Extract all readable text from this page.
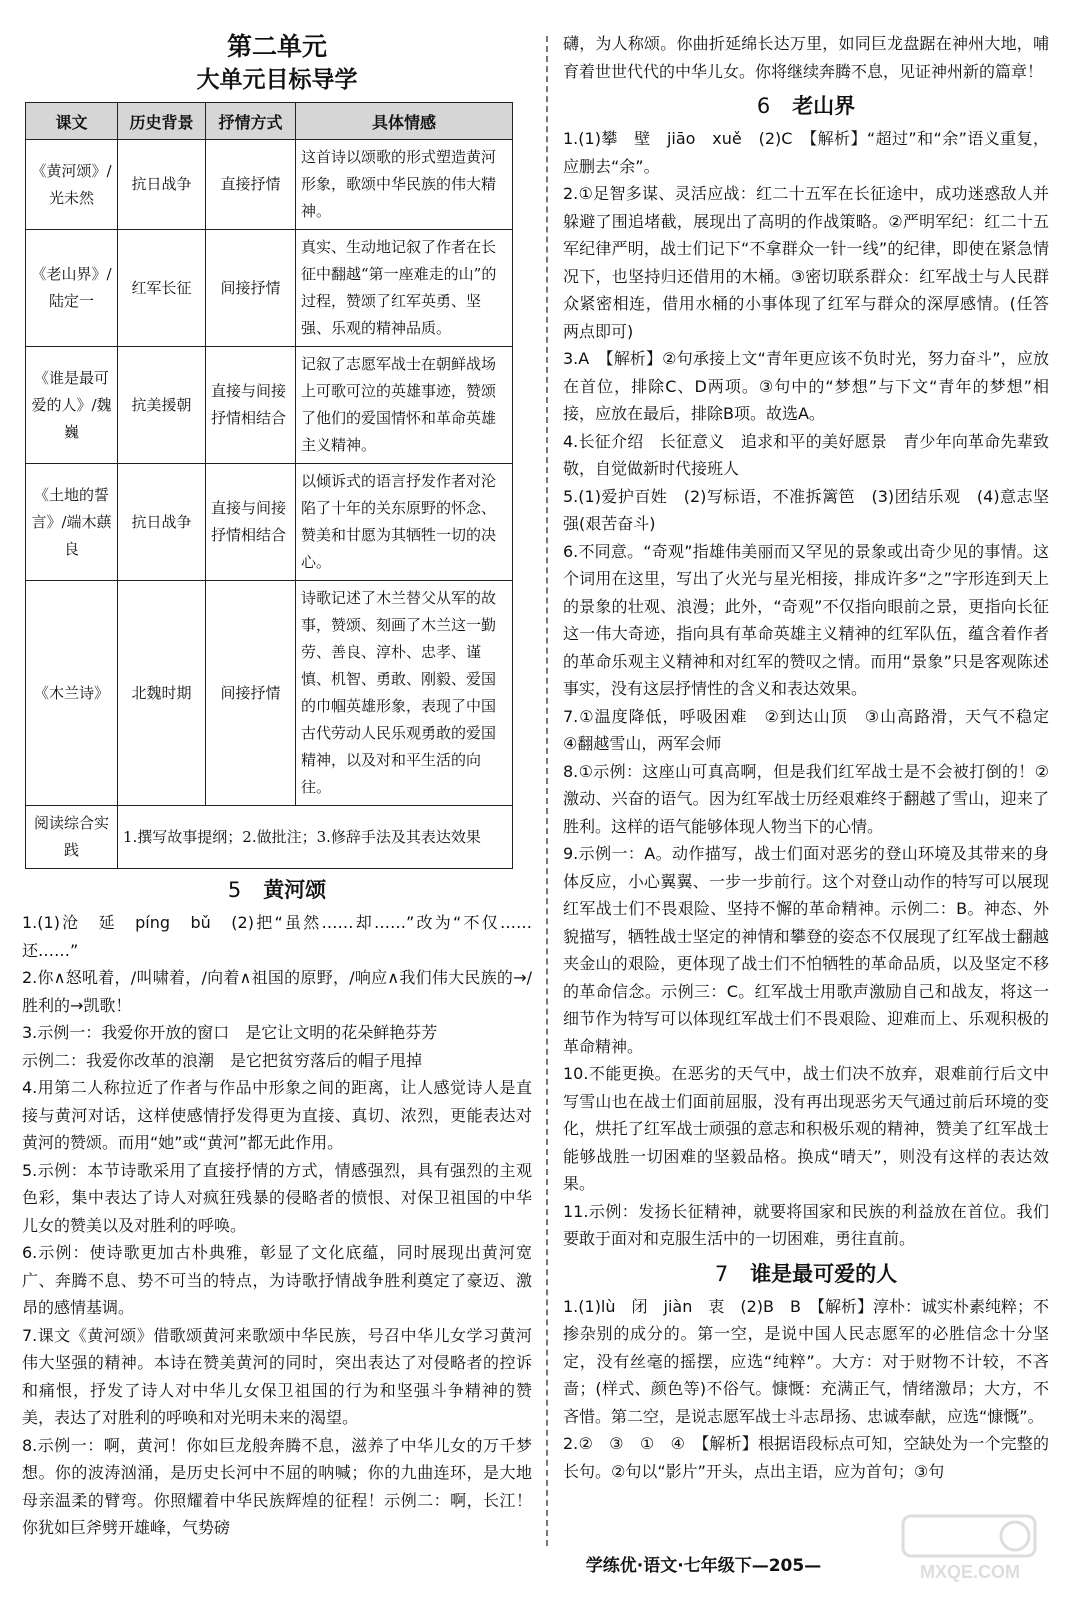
第二单元
大单元目标导学
课文	历史背景	抒情方式	具体情感
《黄河颂》/光未然	抗日战争	直接抒情	这首诗以颂歌的形式塑造黄河形象，歌颂中华民族的伟大精神。
《老山界》/陆定一	红军长征	间接抒情	真实、生动地记叙了作者在长征中翻越“第一座难走的山”的过程，赞颂了红军英勇、坚强、乐观的精神品质。
《谁是最可爱的人》/魏巍	抗美援朝	直接与间接抒情相结合	记叙了志愿军战士在朝鲜战场上可歌可泣的英雄事迹，赞颂了他们的爱国情怀和革命英雄主义精神。
《土地的誓言》/端木蕻良	抗日战争	直接与间接抒情相结合	以倾诉式的语言抒发作者对沦陷了十年的关东原野的怀念、赞美和甘愿为其牺牲一切的决心。
《木兰诗》	北魏时期	间接抒情	诗歌记述了木兰替父从军的故事，赞颂、刻画了木兰这一勤劳、善良、淳朴、忠孝、谨慎、机智、勇敢、刚毅、爱国的巾帼英雄形象，表现了中国古代劳动人民乐观勇敢的爱国精神，以及对和平生活的向往。
阅读综合实践	1.撰写故事提纲；2.做批注；3.修辞手法及其表达效果		
5 黄河颂

1.(1)沧　延　píng　bǔ　(2)把“虽然……却……”改为“不仅……还……”

2.你∧怒吼着，/叫啸着，/向着∧祖国的原野，/响应∧我们伟大民族的→/胜利的→凯歌！

3.示例一：我爱你开放的窗口　是它让文明的花朵鲜艳芬芳

示例二：我爱你改革的浪潮　是它把贫穷落后的帽子甩掉

4.用第二人称拉近了作者与作品中形象之间的距离，让人感觉诗人是直接与黄河对话，这样使感情抒发得更为直接、真切、浓烈，更能表达对黄河的赞颂。而用“她”或“黄河”都无此作用。

5.示例：本节诗歌采用了直接抒情的方式，情感强烈，具有强烈的主观色彩，集中表达了诗人对疯狂残暴的侵略者的愤恨、对保卫祖国的中华儿女的赞美以及对胜利的呼唤。

6.示例：使诗歌更加古朴典雅，彰显了文化底蕴，同时展现出黄河宽广、奔腾不息、势不可当的特点，为诗歌抒情战争胜利奠定了豪迈、激昂的感情基调。

7.课文《黄河颂》借歌颂黄河来歌颂中华民族，号召中华儿女学习黄河伟大坚强的精神。本诗在赞美黄河的同时，突出表达了对侵略者的控诉和痛恨，抒发了诗人对中华儿女保卫祖国的行为和坚强斗争精神的赞美，表达了对胜利的呼唤和对光明未来的渴望。

8.示例一：啊，黄河！你如巨龙般奔腾不息，滋养了中华儿女的万千梦想。你的波涛汹涌，是历史长河中不屈的呐喊；你的九曲连环，是大地母亲温柔的臂弯。你照耀着中华民族辉煌的征程！示例二：啊，长江！你犹如巨斧劈开雄峰，气势磅

礴，为人称颂。你曲折延绵长达万里，如同巨龙盘踞在神州大地，哺育着世世代代的中华儿女。你将继续奔腾不息，见证神州新的篇章！

6 老山界

1.(1)攀　壁　jiāo　xuě　(2)C　【解析】“超过”和“余”语义重复，应删去“余”。

2.①足智多谋、灵活应战：红二十五军在长征途中，成功迷惑敌人并躲避了围追堵截，展现出了高明的作战策略。②严明军纪：红二十五军纪律严明，战士们记下“不拿群众一针一线”的纪律，即使在紧急情况下，也坚持归还借用的木桶。③密切联系群众：红军战士与人民群众紧密相连，借用水桶的小事体现了红军与群众的深厚感情。(任答两点即可)

3.A　【解析】②句承接上文“青年更应该不负时光，努力奋斗”，应放在首位，排除C、D两项。③句中的“梦想”与下文“青年的梦想”相接，应放在最后，排除B项。故选A。

4.长征介绍　长征意义　追求和平的美好愿景　青少年向革命先辈致敬，自觉做新时代接班人

5.(1)爱护百姓　(2)写标语，不准拆篱笆　(3)团结乐观　(4)意志坚强(艰苦奋斗)

6.不同意。“奇观”指雄伟美丽而又罕见的景象或出奇少见的事情。这个词用在这里，写出了火光与星光相接，排成许多“之”字形连到天上的景象的壮观、浪漫；此外，“奇观”不仅指向眼前之景，更指向长征这一伟大奇迹，指向具有革命英雄主义精神的红军队伍，蕴含着作者的革命乐观主义精神和对红军的赞叹之情。而用“景象”只是客观陈述事实，没有这层抒情性的含义和表达效果。

7.①温度降低，呼吸困难　②到达山顶　③山高路滑，天气不稳定　④翻越雪山，两军会师

8.①示例：这座山可真高啊，但是我们红军战士是不会被打倒的！②激动、兴奋的语气。因为红军战士历经艰难终于翻越了雪山，迎来了胜利。这样的语气能够体现人物当下的心情。

9.示例一：A。动作描写，战士们面对恶劣的登山环境及其带来的身体反应，小心翼翼、一步一步前行。这个对登山动作的特写可以展现红军战士们不畏艰险、坚持不懈的革命精神。示例二：B。神态、外貌描写，牺牲战士坚定的神情和攀登的姿态不仅展现了红军战士翻越夹金山的艰险，更体现了战士们不怕牺牲的革命品质，以及坚定不移的革命信念。示例三：C。红军战士用歌声激励自己和战友，将这一细节作为特写可以体现红军战士们不畏艰险、迎难而上、乐观积极的革命精神。

10.不能更换。在恶劣的天气中，战士们决不放弃，艰难前行后文中写雪山也在战士们面前屈服，没有再出现恶劣天气通过前后环境的变化，烘托了红军战士顽强的意志和积极乐观的精神，赞美了红军战士能够战胜一切困难的坚毅品格。换成“晴天”，则没有这样的表达效果。

11.示例：发扬长征精神，就要将国家和民族的利益放在首位。我们要敢于面对和克服生活中的一切困难，勇往直前。

7 谁是最可爱的人

1.(1)lù　闭　jiàn　衷　(2)B　B　【解析】淳朴：诚实朴素纯粹；不掺杂别的成分的。第一空，是说中国人民志愿军的必胜信念十分坚定，没有丝毫的摇摆，应选“纯粹”。大方：对于财物不计较，不吝啬；(样式、颜色等)不俗气。慷慨：充满正气，情绪激昂；大方，不吝惜。第二空，是说志愿军战士斗志昂扬、忠诚奉献，应选“慷慨”。

2.②　③　①　④　【解析】根据语段标点可知，空缺处为一个完整的长句。②句以“影片”开头，点出主语，应为首句；③句

学练优·语文·七年级下—205—	MXQE.COM
